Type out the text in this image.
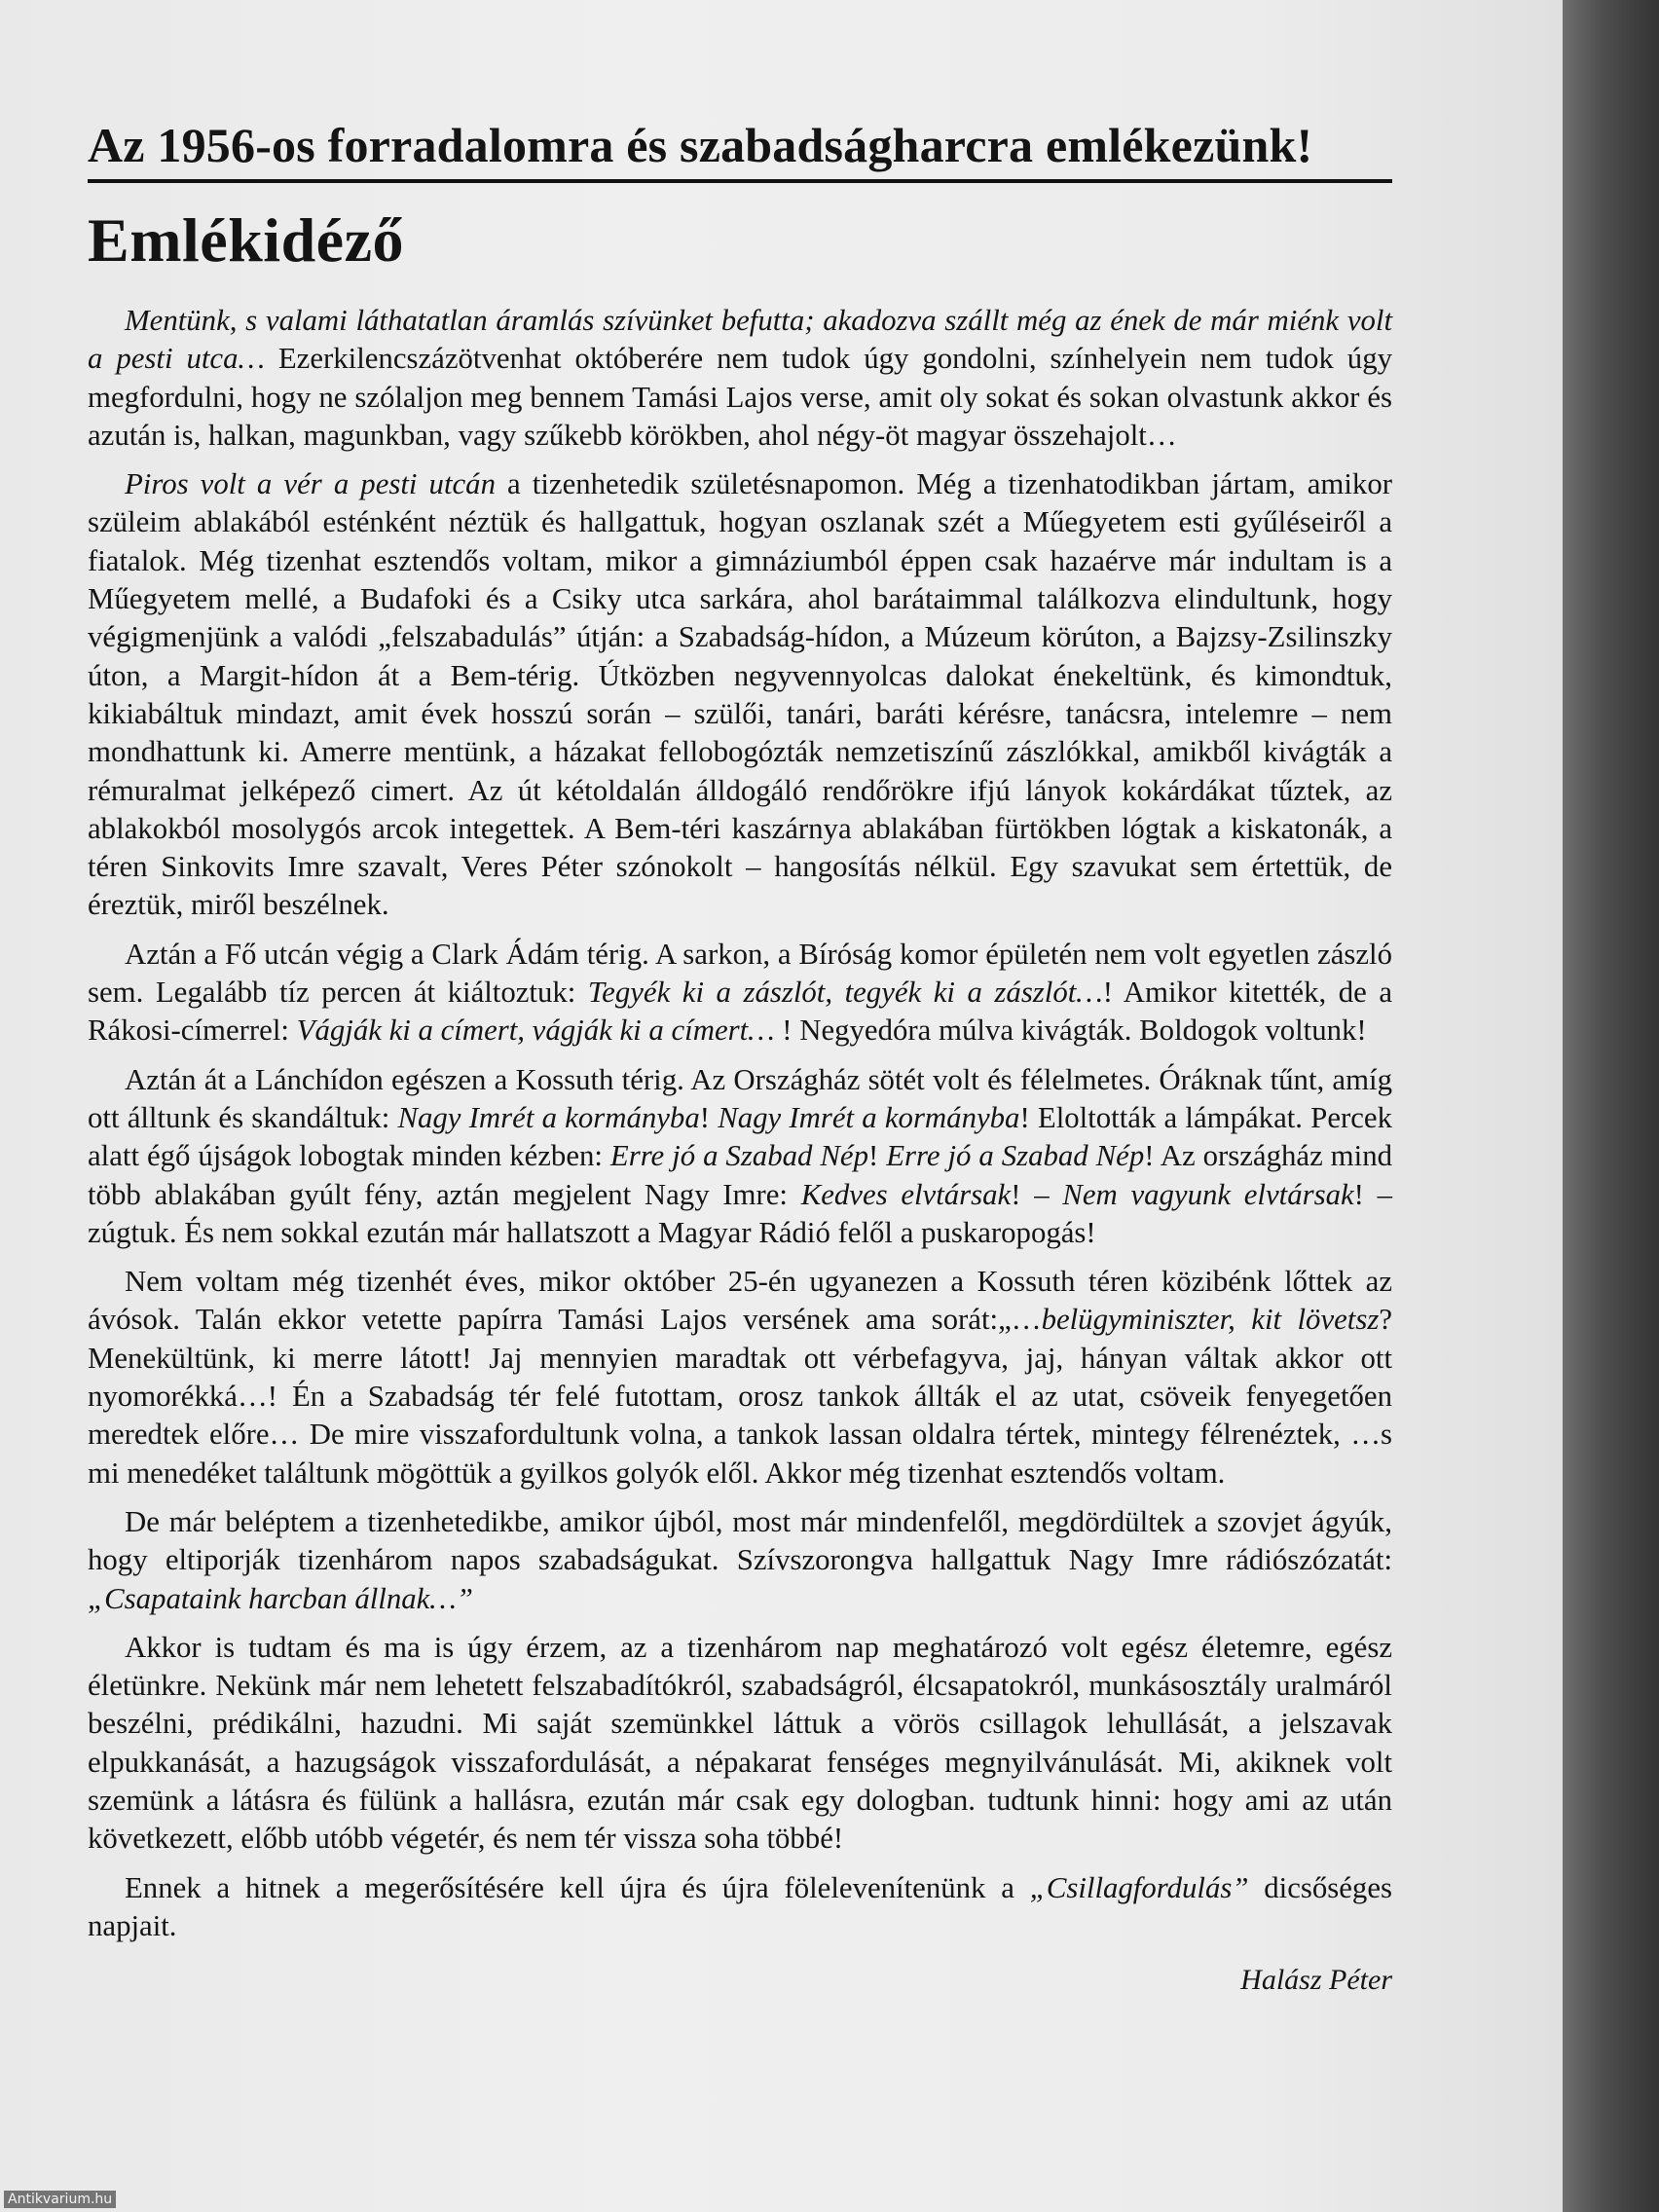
Az 1956-os forradalomra és szabadságharcra emlékezünk!
Emlékidéző

Mentünk, s valami láthatatlan áramlás szívünket befutta; akadozva szállt még az ének de már miénk volt a pesti utca… Ezerkilencszázötvenhat októberére nem tudok úgy gondolni, színhelyein nem tudok úgy megfordulni, hogy ne szólaljon meg bennem Tamási Lajos verse, amit oly sokat és sokan olvastunk akkor és azután is, halkan, magunkban, vagy szűkebb körökben, ahol négy-öt magyar összehajolt…

Piros volt a vér a pesti utcán a tizenhetedik születésnapomon. Még a tizenhatodikban jártam, amikor szüleim ablakából esténként néztük és hallgattuk, hogyan oszlanak szét a Műegyetem esti gyűléseiről a fiatalok. Még tizenhat esztendős voltam, mikor a gimnáziumból éppen csak hazaérve már indultam is a Műegyetem mellé, a Budafoki és a Csiky utca sarkára, ahol barátaimmal találkozva elindultunk, hogy végigmenjünk a valódi „felszabadulás” útján: a Szabadság-hídon, a Múzeum körúton, a Bajzsy-Zsilinszky úton, a Margit-hídon át a Bem-térig. Útközben negyvennyolcas dalokat énekeltünk, és kimondtuk, kikiabáltuk mindazt, amit évek hosszú során – szülői, tanári, baráti kérésre, tanácsra, intelemre – nem mondhattunk ki. Amerre mentünk, a házakat fellobogózták nemzetiszínű zászlókkal, amikből kivágták a rémuralmat jelképező cimert. Az út kétoldalán álldogáló rendőrökre ifjú lányok kokárdákat tűztek, az ablakokból mosolygós arcok integettek. A Bem-téri kaszárnya ablakában fürtökben lógtak a kiskatonák, a téren Sinkovits Imre szavalt, Veres Péter szónokolt – hangosítás nélkül. Egy szavukat sem értettük, de éreztük, miről beszélnek.

Aztán a Fő utcán végig a Clark Ádám térig. A sarkon, a Bíróság komor épületén nem volt egyetlen zászló sem. Legalább tíz percen át kiáltoztuk: Tegyék ki a zászlót, tegyék ki a zászlót…! Amikor kitették, de a Rákosi-címerrel: Vágják ki a címert, vágják ki a címert… ! Negyedóra múlva kivágták. Boldogok voltunk!

Aztán át a Lánchídon egészen a Kossuth térig. Az Országház sötét volt és félelmetes. Óráknak tűnt, amíg ott álltunk és skandáltuk: Nagy Imrét a kormányba! Nagy Imrét a kormányba! Eloltották a lámpákat. Percek alatt égő újságok lobogtak minden kézben: Erre jó a Szabad Nép! Erre jó a Szabad Nép! Az országház mind több ablakában gyúlt fény, aztán megjelent Nagy Imre: Kedves elvtársak! – Nem vagyunk elvtársak! – zúgtuk. És nem sokkal ezután már hallatszott a Magyar Rádió felől a puskaropogás!

Nem voltam még tizenhét éves, mikor október 25-én ugyanezen a Kossuth téren közibénk lőttek az ávósok. Talán ekkor vetette papírra Tamási Lajos versének ama sorát:„…belügyminiszter, kit lövetsz? Menekültünk, ki merre látott! Jaj mennyien maradtak ott vérbefagyva, jaj, hányan váltak akkor ott nyomorékká…! Én a Szabadság tér felé futottam, orosz tankok állták el az utat, csöveik fenyegetően meredtek előre… De mire visszafordultunk volna, a tankok lassan oldalra tértek, mintegy félrenéztek, …s mi menedéket találtunk mögöttük a gyilkos golyók elől. Akkor még tizenhat esztendős voltam.

De már beléptem a tizenhetedikbe, amikor újból, most már mindenfelől, megdördültek a szovjet ágyúk, hogy eltiporják tizenhárom napos szabadságukat. Szívszorongva hallgattuk Nagy Imre rádiószózatát: „Csapataink harcban állnak…”

Akkor is tudtam és ma is úgy érzem, az a tizenhárom nap meghatározó volt egész életemre, egész életünkre. Nekünk már nem lehetett felszabadítókról, szabadságról, élcsapatokról, munkásosztály uralmáról beszélni, prédikálni, hazudni. Mi saját szemünkkel láttuk a vörös csillagok lehullását, a jelszavak elpukkanását, a hazugságok visszafordulását, a népakarat fenséges megnyilvánulását. Mi, akiknek volt szemünk a látásra és fülünk a hallásra, ezután már csak egy dologban. tudtunk hinni: hogy ami az után következett, előbb utóbb végetér, és nem tér vissza soha többé!

Ennek a hitnek a megerősítésére kell újra és újra fölelevenítenünk a „Csillagfordulás” dicsőséges napjait.

Halász Péter
Antikvarium.hu
